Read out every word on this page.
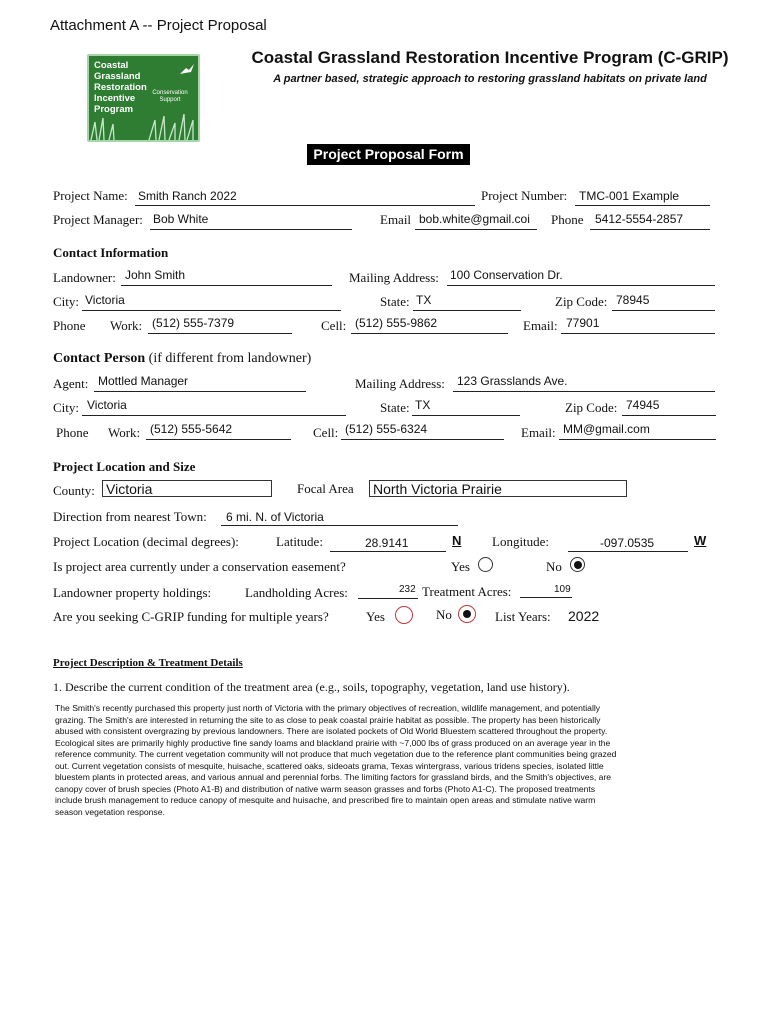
Attachment A -- Project Proposal
Coastal
Grassland
Restoration
Incentive
Program
Conservation Support
Coastal Grassland Restoration Incentive Program (C-GRIP)
A partner based, strategic approach to restoring grassland habitats on private land
Project Proposal Form
Project Name: Smith Ranch 2022	Project Number: TMC-001 Example
Project Manager: Bob White	Email bob.white@gmail.coi	Phone 5412-5554-2857
Contact Information
Landowner: John Smith	Mailing Address: 100 Conservation Dr.
City: Victoria	State: TX	Zip Code: 78945
Phone Work: (512) 555-7379	Cell: (512) 555-9862	Email: 77901
Contact Person (if different from landowner)
Agent: Mottled Manager	Mailing Address: 123 Grasslands Ave.
City: Victoria	State: TX	Zip Code: 74945
Phone Work: (512) 555-5642	Cell: (512) 555-6324	Email: MM@gmail.com
Project Location and Size
County: Victoria	Focal Area North Victoria Prairie
Direction from nearest Town: 6 mi. N. of Victoria
Project Location (decimal degrees):	Latitude:	28.9141	N Longitude:	-097.0535	W
Is project area currently under a conservation easement?	Yes	No
Landowner property holdings:	Landholding Acres:	232 Treatment Acres:	109
Are you seeking C-GRIP funding for multiple years?	Yes	No	List Years: 2022
Project Description & Treatment Details
1. Describe the current condition of the treatment area (e.g., soils, topography, vegetation, land use history).
The Smith's recently purchased this property just north of Victoria with the primary objectives of recreation, wildlife management, and potentially
grazing. The Smith's are interested in returning the site to as close to peak coastal prairie habitat as possible. The property has been historically
abused with consistent overgrazing by previous landowners. There are isolated pockets of Old World Bluestem scattered throughout the property.
Ecological sites are primarily highly productive fine sandy loams and blackland prairie with ~7,000 lbs of grass produced on an average year in the
reference community. The current vegetation community will not produce that much vegetation due to the reference plant communities being grazed
out. Current vegetation consists of mesquite, huisache, scattered oaks, sideoats grama, Texas wintergrass, various tridens species, isolated little
bluestem plants in protected areas, and various annual and perennial forbs. The limiting factors for grassland birds, and the Smith's objectives, are
canopy cover of brush species (Photo A1-B) and distribution of native warm season grasses and forbs (Photo A1-C). The proposed treatments
include brush management to reduce canopy of mesquite and huisache, and prescribed fire to maintain open areas and stimulate native warm
season vegetation response.
